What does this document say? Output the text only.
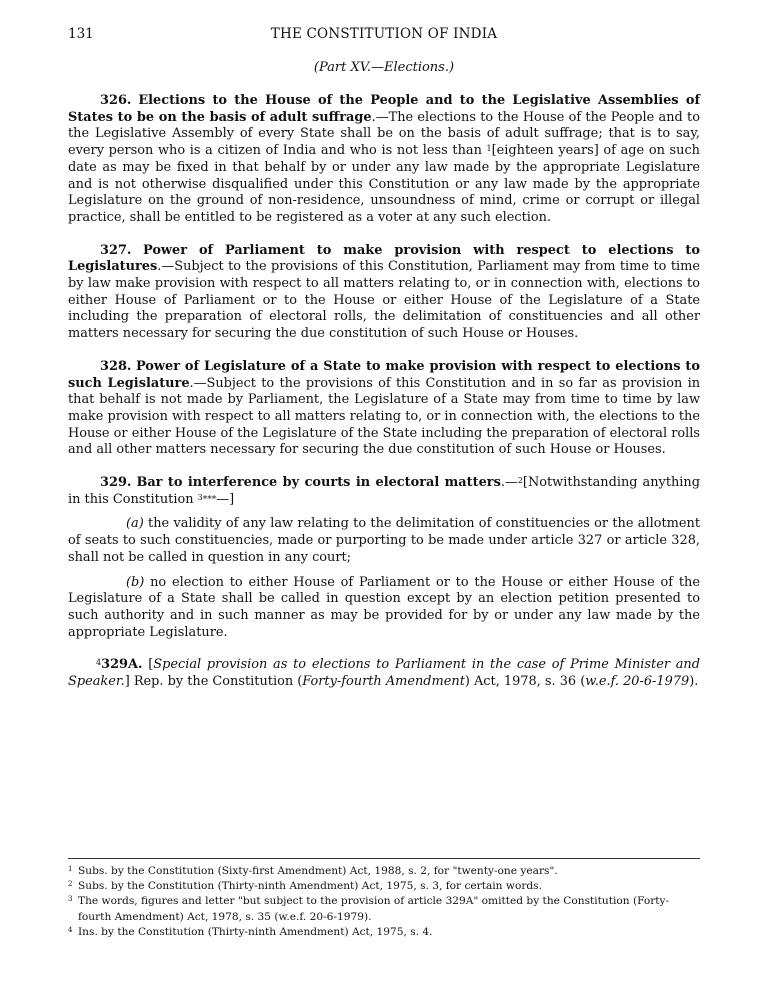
131	THE CONSTITUTION OF INDIA
(Part XV.—Elections.)

326. Elections to the House of the People and to the Legislative Assemblies of States to be on the basis of adult suffrage.—The elections to the House of the People and to the Legislative Assembly of every State shall be on the basis of adult suffrage; that is to say, every person who is a citizen of India and who is not less than $^1$[eighteen years] of age on such date as may be fixed in that behalf by or under any law made by the appropriate Legislature and is not otherwise disqualified under this Constitution or any law made by the appropriate Legislature on the ground of non-residence, unsoundness of mind, crime or corrupt or illegal practice, shall be entitled to be registered as a voter at any such election.

327. Power of Parliament to make provision with respect to elections to Legislatures.—Subject to the provisions of this Constitution, Parliament may from time to time by law make provision with respect to all matters relating to, or in connection with, elections to either House of Parliament or to the House or either House of the Legislature of a State including the preparation of electoral rolls, the delimitation of constituencies and all other matters necessary for securing the due constitution of such House or Houses.

328. Power of Legislature of a State to make provision with respect to elections to such Legislature.—Subject to the provisions of this Constitution and in so far as provision in that behalf is not made by Parliament, the Legislature of a State may from time to time by law make provision with respect to all matters relating to, or in connection with, the elections to the House or either House of the Legislature of the State including the preparation of electoral rolls and all other matters necessary for securing the due constitution of such House or Houses.

329. Bar to interference by courts in electoral matters.—$^2$[Notwithstanding anything in this Constitution $^{3***}$—]

(a) the validity of any law relating to the delimitation of constituencies or the allotment of seats to such constituencies, made or purporting to be made under article 327 or article 328, shall not be called in question in any court;

(b) no election to either House of Parliament or to the House or either House of the Legislature of a State shall be called in question except by an election petition presented to such authority and in such manner as may be provided for by or under any law made by the appropriate Legislature.

$^4$329A. [Special provision as to elections to Parliament in the case of Prime Minister and Speaker.] Rep. by the Constitution (Forty-fourth Amendment) Act, 1978, s. 36 (w.e.f. 20-6-1979).

$^1$ Subs. by the Constitution (Sixty-first Amendment) Act, 1988, s. 2, for "twenty-one years".
$^2$ Subs. by the Constitution (Thirty-ninth Amendment) Act, 1975, s. 3, for certain words.
$^3$ The words, figures and letter "but subject to the provision of article 329A" omitted by the Constitution (Forty-fourth Amendment) Act, 1978, s. 35 (w.e.f. 20-6-1979).
$^4$ Ins. by the Constitution (Thirty-ninth Amendment) Act, 1975, s. 4.
